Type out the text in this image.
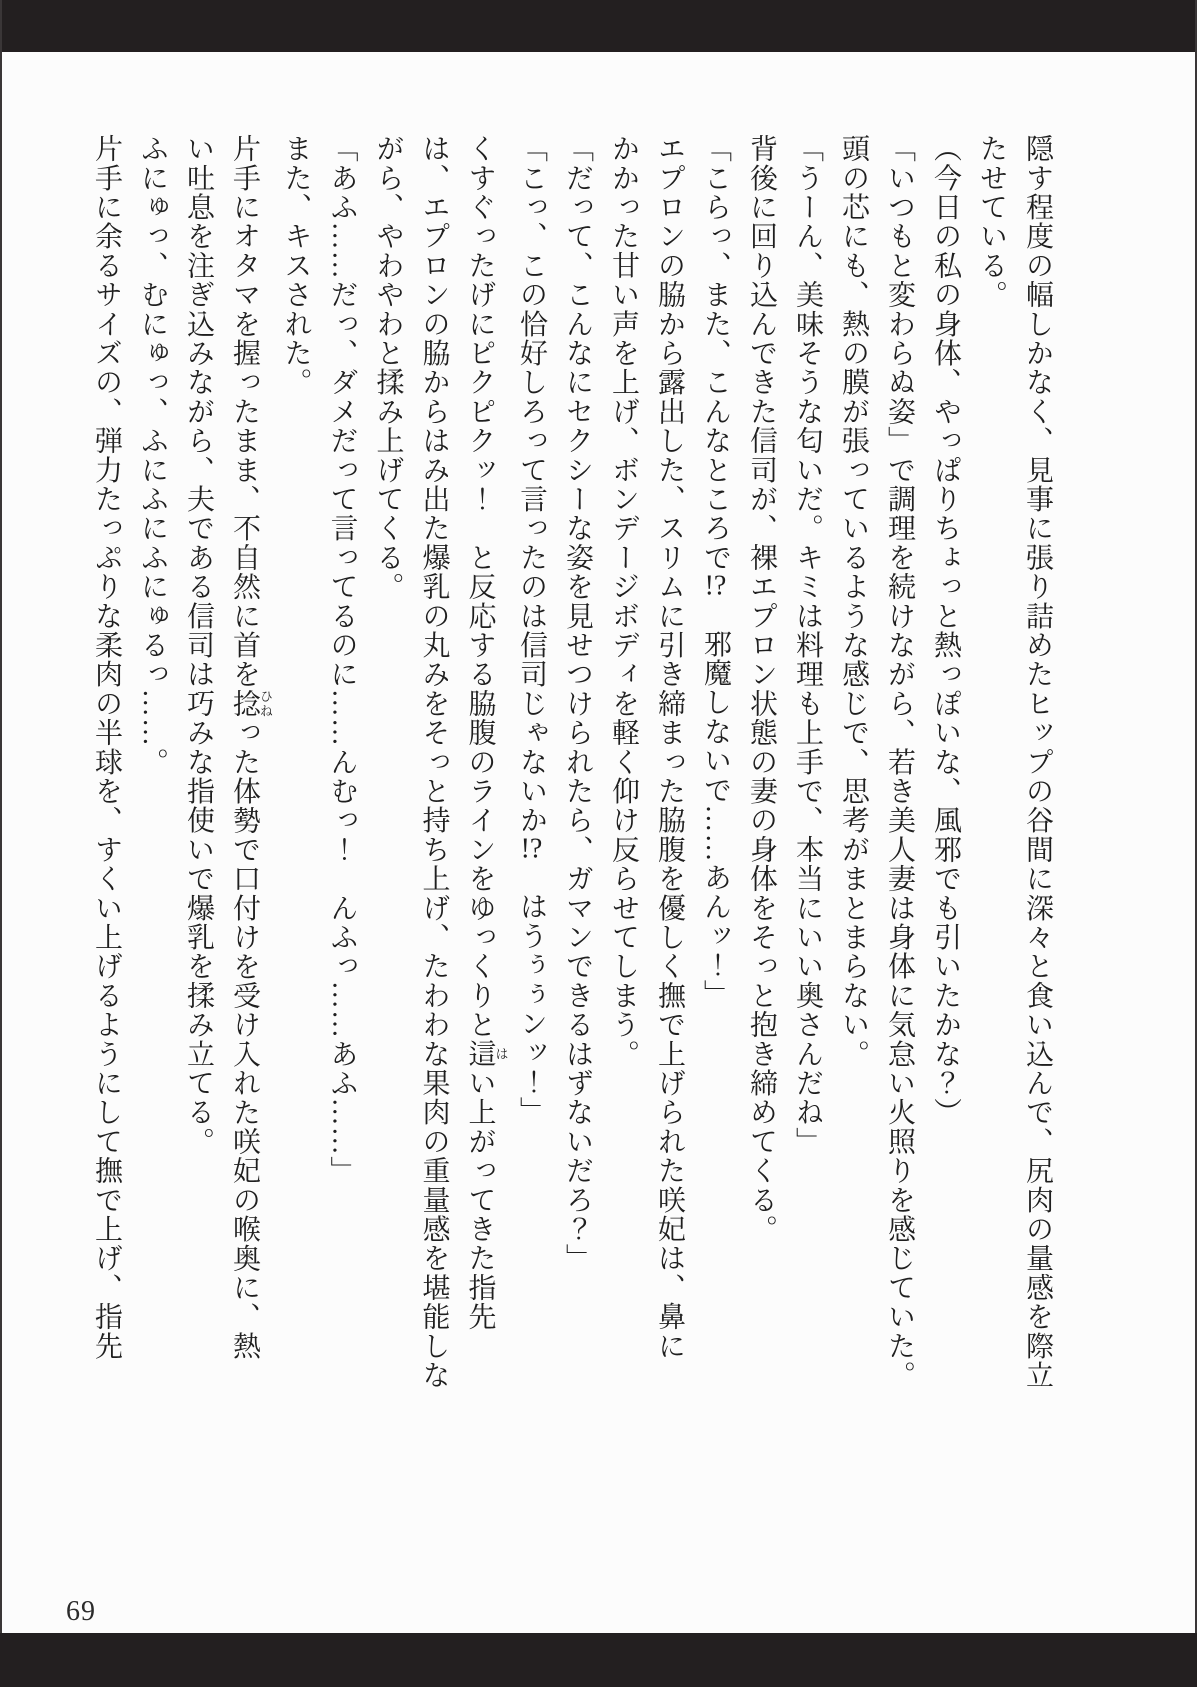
隠す程度の幅しかなく、見事に張り詰めたヒップの谷間に深々と食い込んで、尻肉の量感を際立
たせている。
（今日の私の身体、やっぱりちょっと熱っぽいな、風邪でも引いたかな？）
「いつもと変わらぬ姿」で調理を続けながら、若き美人妻は身体に気怠い火照りを感じていた。
頭の芯にも、熱の膜が張っているような感じで、思考がまとまらない。
「うーん、美味そうな匂いだ。キミは料理も上手で、本当にいい奥さんだね」
背後に回り込んできた信司が、裸エプロン状態の妻の身体をそっと抱き締めてくる。
「こらっ、また、こんなところで!?　邪魔しないで……あんッ！」
エプロンの脇から露出した、スリムに引き締まった脇腹を優しく撫で上げられた咲妃は、鼻に
かかった甘い声を上げ、ボンデージボディを軽く仰け反らせてしまう。
「だって、こんなにセクシーな姿を見せつけられたら、ガマンできるはずないだろ？」
「こっ、この恰好しろって言ったのは信司じゃないか!?　はうぅぅンッ！」
くすぐったげにピクピクッ！　と反応する脇腹のラインをゆっくりと這はい上がってきた指先
は、エプロンの脇からはみ出た爆乳の丸みをそっと持ち上げ、たわわな果肉の重量感を堪能しな
がら、やわやわと揉み上げてくる。
「あふ……だっ、ダメだって言ってるのに……んむっ！　んふっ……あふ……」
また、キスされた。
片手にオタマを握ったまま、不自然に首を捻ひねった体勢で口付けを受け入れた咲妃の喉奥に、熱
い吐息を注ぎ込みながら、夫である信司は巧みな指使いで爆乳を揉み立てる。
ふにゅっ、むにゅっ、ふにふにふにゅるっ……。
片手に余るサイズの、弾力たっぷりな柔肉の半球を、すくい上げるようにして撫で上げ、指先
69
